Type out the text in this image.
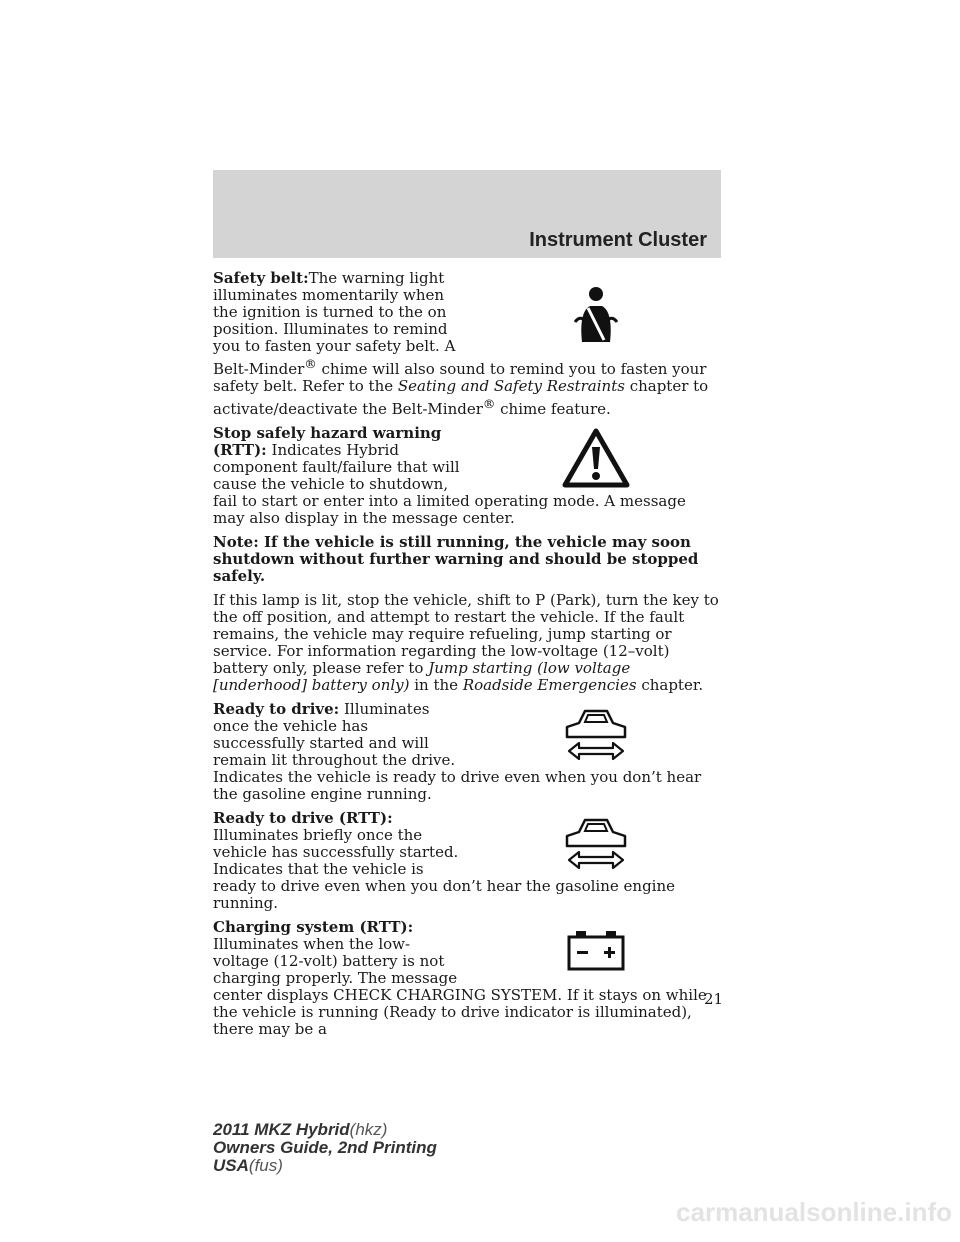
Instrument Cluster

Safety belt:The warning light illuminates momentarily when the ignition is turned to the on position. Illuminates to remind you to fasten your safety belt. A Belt-Minder® chime will also sound to remind you to fasten your safety belt. Refer to the Seating and Safety Restraints chapter to activate/deactivate the Belt-Minder® chime feature.

Stop safely hazard warning (RTT): Indicates Hybrid component fault/failure that will cause the vehicle to shutdown, fail to start or enter into a limited operating mode. A message may also display in the message center.

Note: If the vehicle is still running, the vehicle may soon shutdown without further warning and should be stopped safely.

If this lamp is lit, stop the vehicle, shift to P (Park), turn the key to the off position, and attempt to restart the vehicle. If the fault remains, the vehicle may require refueling, jump starting or service. For information regarding the low-voltage (12–volt) battery only, please refer to Jump starting (low voltage [underhood] battery only) in the Roadside Emergencies chapter.

Ready to drive: Illuminates once the vehicle has successfully started and will remain lit throughout the drive. Indicates the vehicle is ready to drive even when you don’t hear the gasoline engine running.

Ready to drive (RTT): Illuminates briefly once the vehicle has successfully started. Indicates that the vehicle is ready to drive even when you don’t hear the gasoline engine running.

Charging system (RTT): Illuminates when the low-voltage (12-volt) battery is not charging properly. The message center displays CHECK CHARGING SYSTEM. If it stays on while the vehicle is running (Ready to drive indicator is illuminated), there may be a

21
2011 MKZ Hybrid(hkz)
Owners Guide, 2nd Printing
USA(fus)
carmanualsonline.info
